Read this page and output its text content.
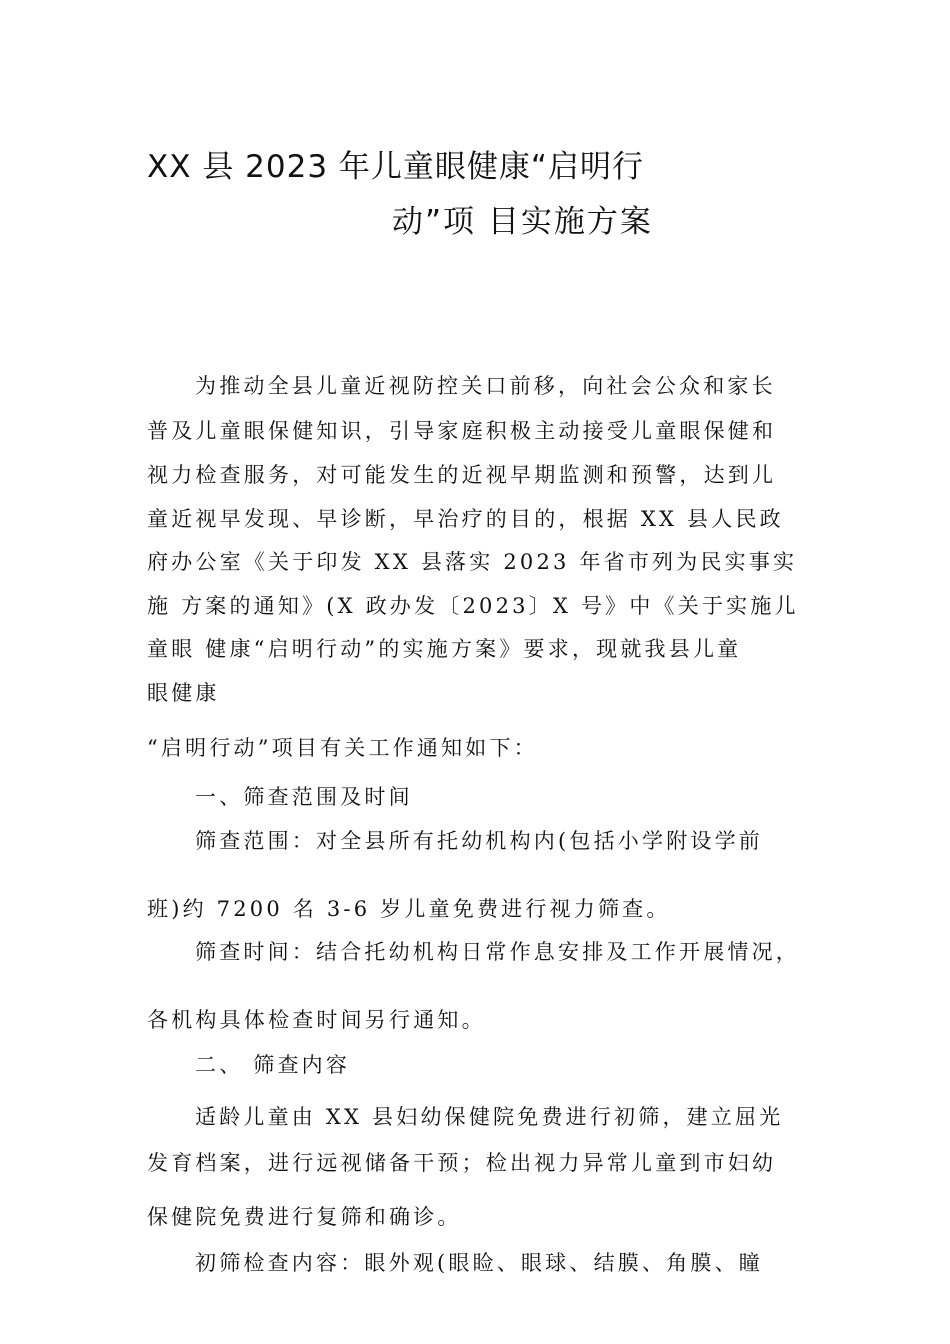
XX 县 2023 年儿童眼健康“启明行
动”项 目实施方案
为推动全县儿童近视防控关口前移，向社会公众和家长
普及儿童眼保健知识，引导家庭积极主动接受儿童眼保健和
视力检查服务，对可能发生的近视早期监测和预警，达到儿
童近视早发现、早诊断，早治疗的目的，根据 XX 县人民政
府办公室《关于印发 XX 县落实 2023 年省市列为民实事实
施 方案的通知》(X 政办发〔2023〕X 号》中《关于实施儿
童眼 健康“启明行动”的实施方案》要求，现就我县儿童
眼健康
“启明行动”项目有关工作通知如下：
一、筛查范围及时间
筛查范围：对全县所有托幼机构内(包括小学附设学前
班)约 7200 名 3-6 岁儿童免费进行视力筛查。
筛查时间：结合托幼机构日常作息安排及工作开展情况，
各机构具体检查时间另行通知。
二、 筛查内容
适龄儿童由 XX 县妇幼保健院免费进行初筛，建立屈光
发育档案，进行远视储备干预；检出视力异常儿童到市妇幼
保健院免费进行复筛和确诊。
初筛检查内容：眼外观(眼睑、眼球、结膜、角膜、瞳
